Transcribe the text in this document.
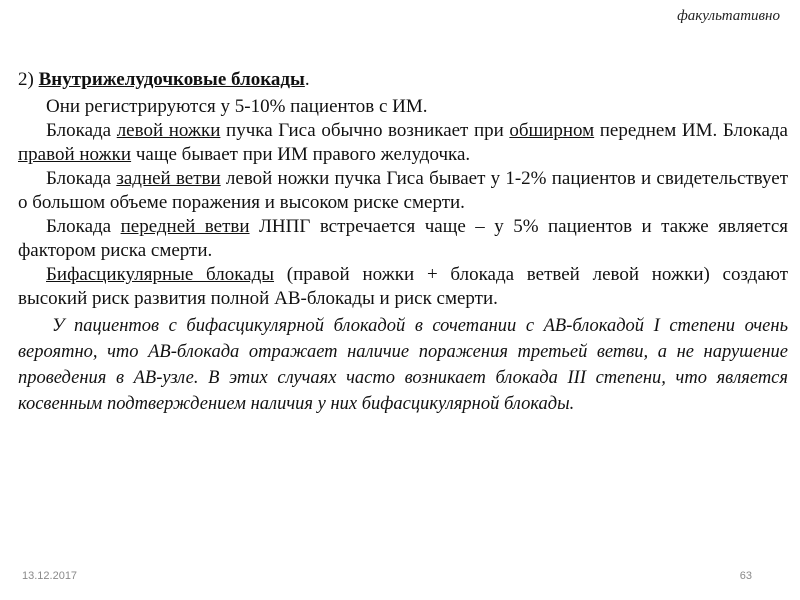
факультативно
2) Внутрижелудочковые блокады.

Они регистрируются у 5-10% пациентов с ИМ.

Блокада левой ножки пучка Гиса обычно возникает при обширном переднем ИМ. Блокада правой ножки чаще бывает при ИМ правого желудочка.

Блокада задней ветви левой ножки пучка Гиса бывает у 1-2% пациентов и свидетельствует о большом объеме поражения и высоком риске смерти.

Блокада передней ветви ЛНПГ встречается чаще – у 5% пациентов и также является фактором риска смерти.

Бифасцикулярные блокады (правой ножки + блокада ветвей левой ножки) создают высокий риск развития полной АВ-блокады и риск смерти.

У пациентов с бифасцикулярной блокадой в сочетании с АВ-блокадой I степени очень вероятно, что АВ-блокада отражает наличие поражения третьей ветви, а не нарушение проведения в АВ-узле. В этих случаях часто возникает блокада III степени, что является косвенным подтверждением наличия у них бифасцикулярной блокады.

13.12.2017	63
